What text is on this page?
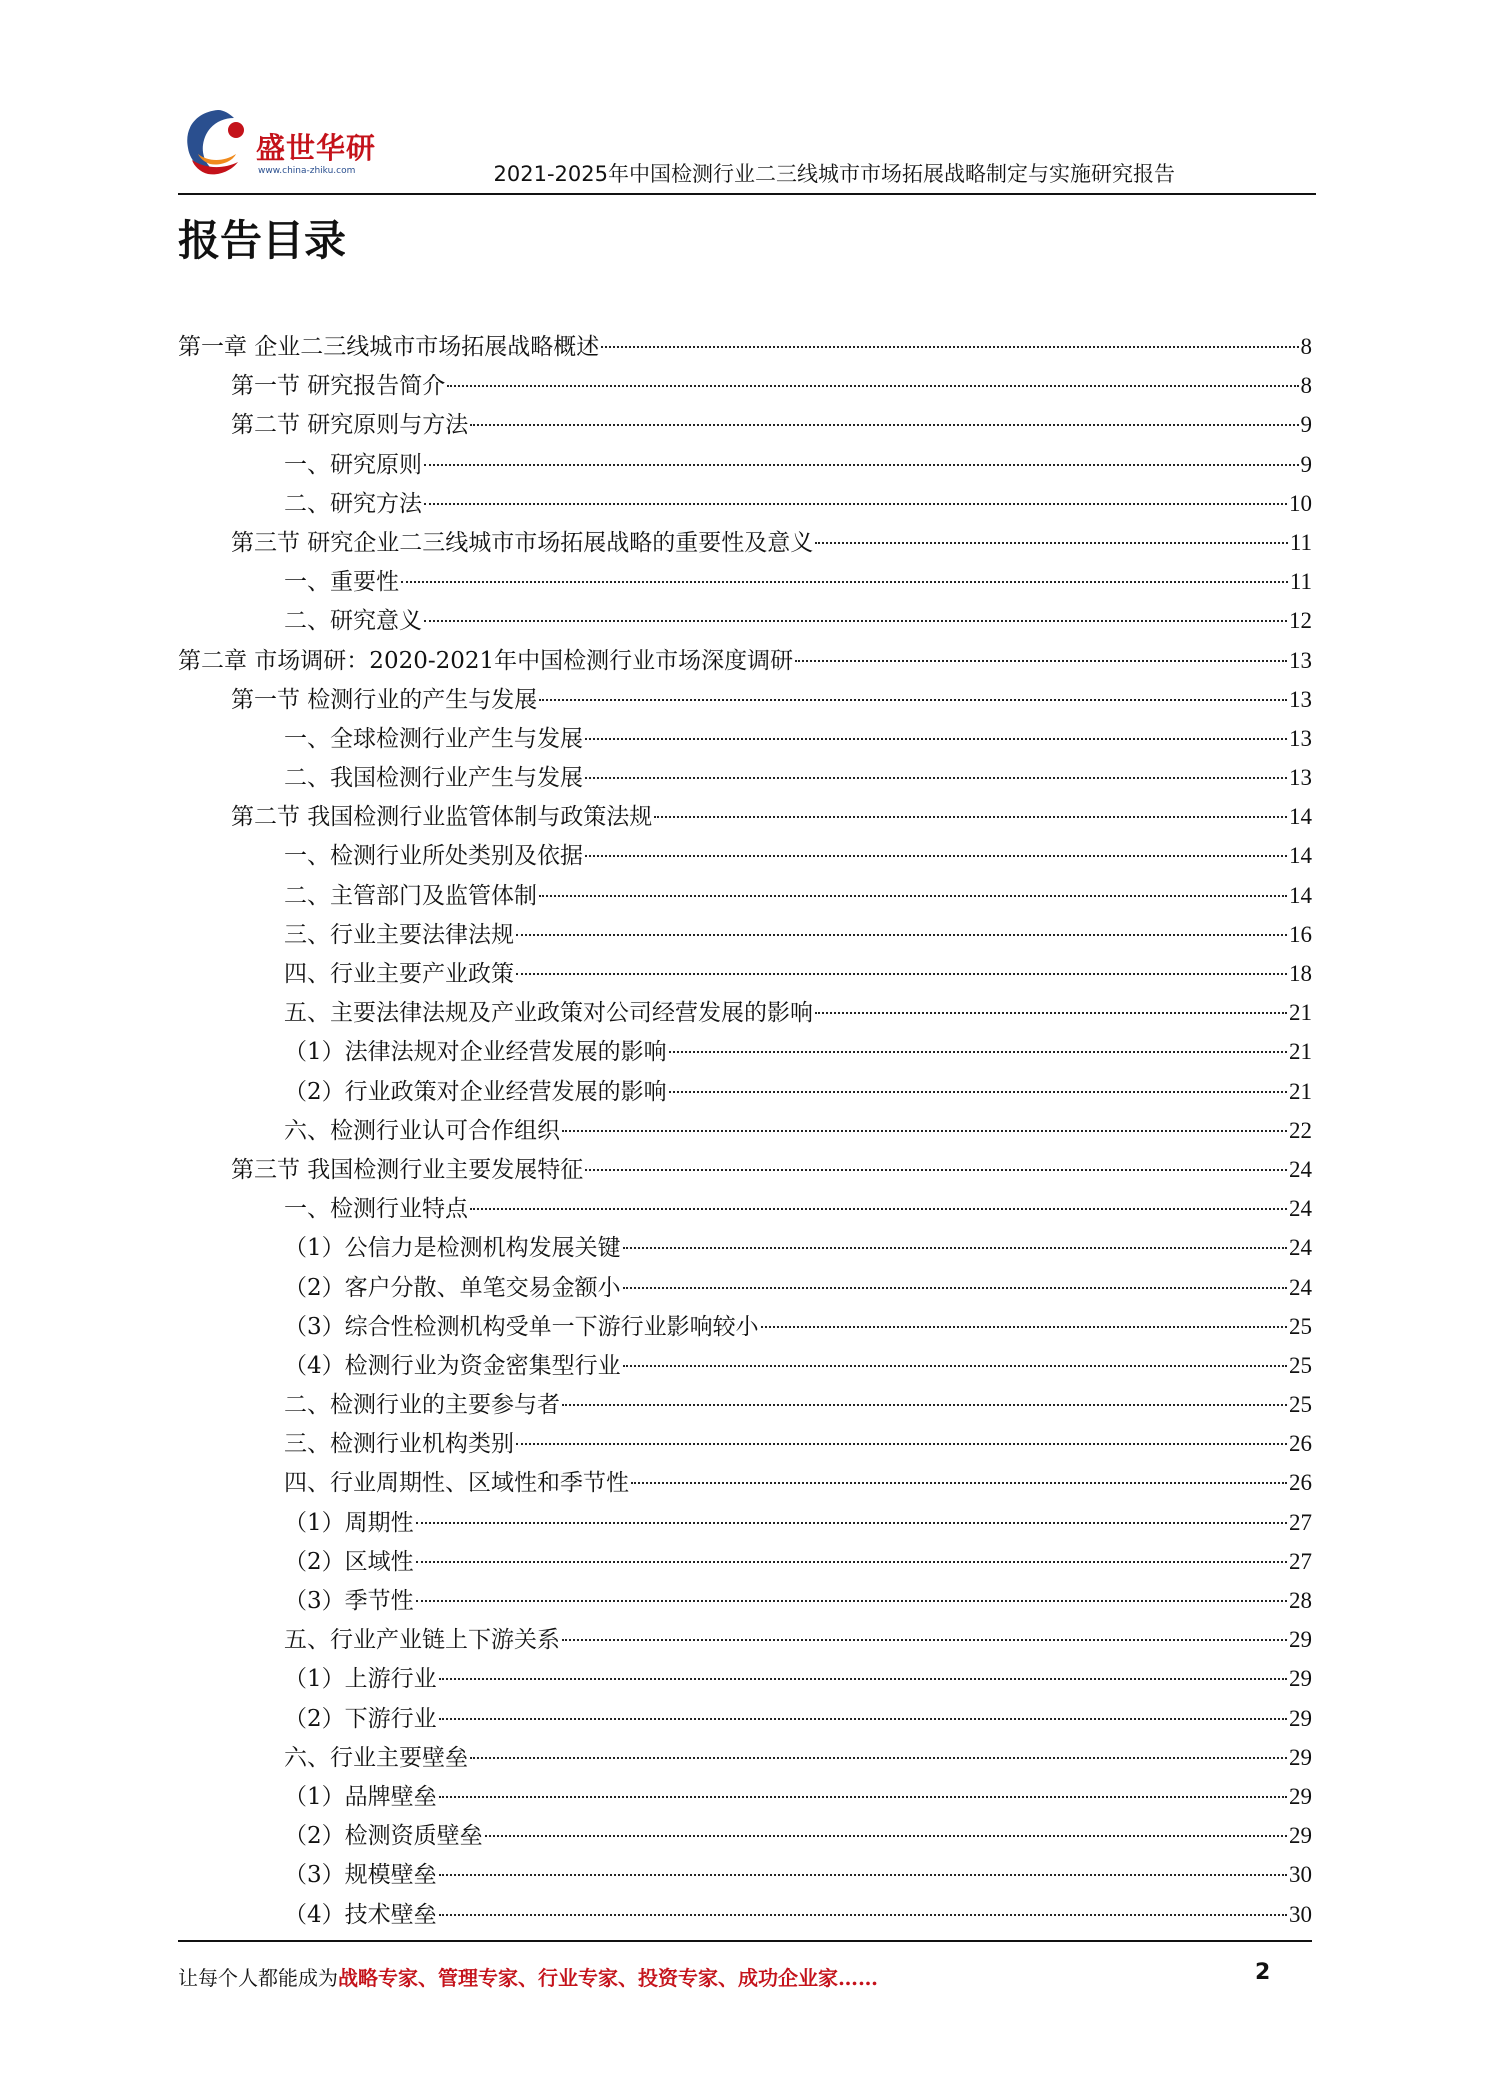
盛世华研
www.china-zhiku.com	2021-2025年中国检测行业二三线城市市场拓展战略制定与实施研究报告
报告目录
第一章 企业二三线城市市场拓展战略概述	8
第一节 研究报告简介	8
第二节 研究原则与方法	9
一、研究原则	9
二、研究方法	10
第三节 研究企业二三线城市市场拓展战略的重要性及意义	11
一、重要性	11
二、研究意义	12
第二章 市场调研：2020-2021年中国检测行业市场深度调研	13
第一节 检测行业的产生与发展	13
一、全球检测行业产生与发展	13
二、我国检测行业产生与发展	13
第二节 我国检测行业监管体制与政策法规	14
一、检测行业所处类别及依据	14
二、主管部门及监管体制	14
三、行业主要法律法规	16
四、行业主要产业政策	18
五、主要法律法规及产业政策对公司经营发展的影响	21
（1）法律法规对企业经营发展的影响	21
（2）行业政策对企业经营发展的影响	21
六、检测行业认可合作组织	22
第三节 我国检测行业主要发展特征	24
一、检测行业特点	24
（1）公信力是检测机构发展关键	24
（2）客户分散、单笔交易金额小	24
（3）综合性检测机构受单一下游行业影响较小	25
（4）检测行业为资金密集型行业	25
二、检测行业的主要参与者	25
三、检测行业机构类别	26
四、行业周期性、区域性和季节性	26
（1）周期性	27
（2）区域性	27
（3）季节性	28
五、行业产业链上下游关系	29
（1）上游行业	29
（2）下游行业	29
六、行业主要壁垒	29
（1）品牌壁垒	29
（2）检测资质壁垒	29
（3）规模壁垒	30
（4）技术壁垒	30
让每个人都能成为战略专家、管理专家、行业专家、投资专家、成功企业家……	2
